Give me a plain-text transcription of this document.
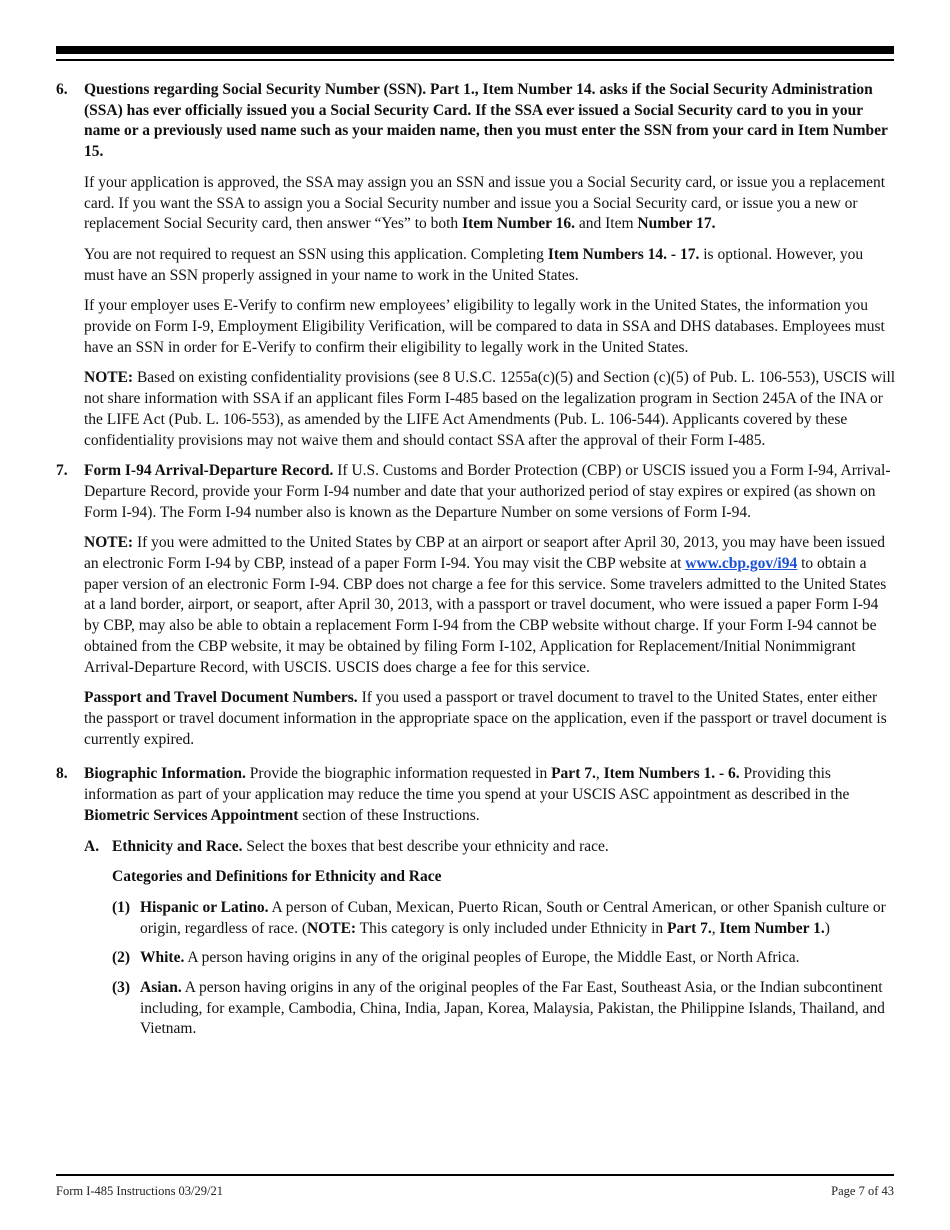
6. Questions regarding Social Security Number (SSN). Part 1., Item Number 14. asks if the Social Security Administration (SSA) has ever officially issued you a Social Security Card. If the SSA ever issued a Social Security card to you in your name or a previously used name such as your maiden name, then you must enter the SSN from your card in Item Number 15.

If your application is approved, the SSA may assign you an SSN and issue you a Social Security card, or issue you a replacement card. If you want the SSA to assign you a Social Security number and issue you a Social Security card, or issue you a new or replacement Social Security card, then answer “Yes” to both Item Number 16. and Item Number 17.

You are not required to request an SSN using this application. Completing Item Numbers 14. - 17. is optional. However, you must have an SSN properly assigned in your name to work in the United States.

If your employer uses E-Verify to confirm new employees’ eligibility to legally work in the United States, the information you provide on Form I-9, Employment Eligibility Verification, will be compared to data in SSA and DHS databases. Employees must have an SSN in order for E-Verify to confirm their eligibility to legally work in the United States.

NOTE: Based on existing confidentiality provisions (see 8 U.S.C. 1255a(c)(5) and Section (c)(5) of Pub. L. 106-553), USCIS will not share information with SSA if an applicant files Form I-485 based on the legalization program in Section 245A of the INA or the LIFE Act (Pub. L. 106-553), as amended by the LIFE Act Amendments (Pub. L. 106-544). Applicants covered by these confidentiality provisions may not waive them and should contact SSA after the approval of their Form I-485.

7. Form I-94 Arrival-Departure Record. If U.S. Customs and Border Protection (CBP) or USCIS issued you a Form I-94, Arrival-Departure Record, provide your Form I-94 number and date that your authorized period of stay expires or expired (as shown on Form I-94). The Form I-94 number also is known as the Departure Number on some versions of Form I-94.

NOTE: If you were admitted to the United States by CBP at an airport or seaport after April 30, 2013, you may have been issued an electronic Form I-94 by CBP, instead of a paper Form I-94. You may visit the CBP website at www.cbp.gov/i94 to obtain a paper version of an electronic Form I-94. CBP does not charge a fee for this service. Some travelers admitted to the United States at a land border, airport, or seaport, after April 30, 2013, with a passport or travel document, who were issued a paper Form I-94 by CBP, may also be able to obtain a replacement Form I-94 from the CBP website without charge. If your Form I-94 cannot be obtained from the CBP website, it may be obtained by filing Form I-102, Application for Replacement/Initial Nonimmigrant Arrival-Departure Record, with USCIS. USCIS does charge a fee for this service.

Passport and Travel Document Numbers. If you used a passport or travel document to travel to the United States, enter either the passport or travel document information in the appropriate space on the application, even if the passport or travel document is currently expired.

8. Biographic Information. Provide the biographic information requested in Part 7., Item Numbers 1. - 6. Providing this information as part of your application may reduce the time you spend at your USCIS ASC appointment as described in the Biometric Services Appointment section of these Instructions.

A. Ethnicity and Race. Select the boxes that best describe your ethnicity and race.

Categories and Definitions for Ethnicity and Race

(1) Hispanic or Latino. A person of Cuban, Mexican, Puerto Rican, South or Central American, or other Spanish culture or origin, regardless of race. (NOTE: This category is only included under Ethnicity in Part 7., Item Number 1.)
(2) White. A person having origins in any of the original peoples of Europe, the Middle East, or North Africa.
(3) Asian. A person having origins in any of the original peoples of the Far East, Southeast Asia, or the Indian subcontinent including, for example, Cambodia, China, India, Japan, Korea, Malaysia, Pakistan, the Philippine Islands, Thailand, and Vietnam.
Form I-485 Instructions 03/29/21	Page 7 of 43
